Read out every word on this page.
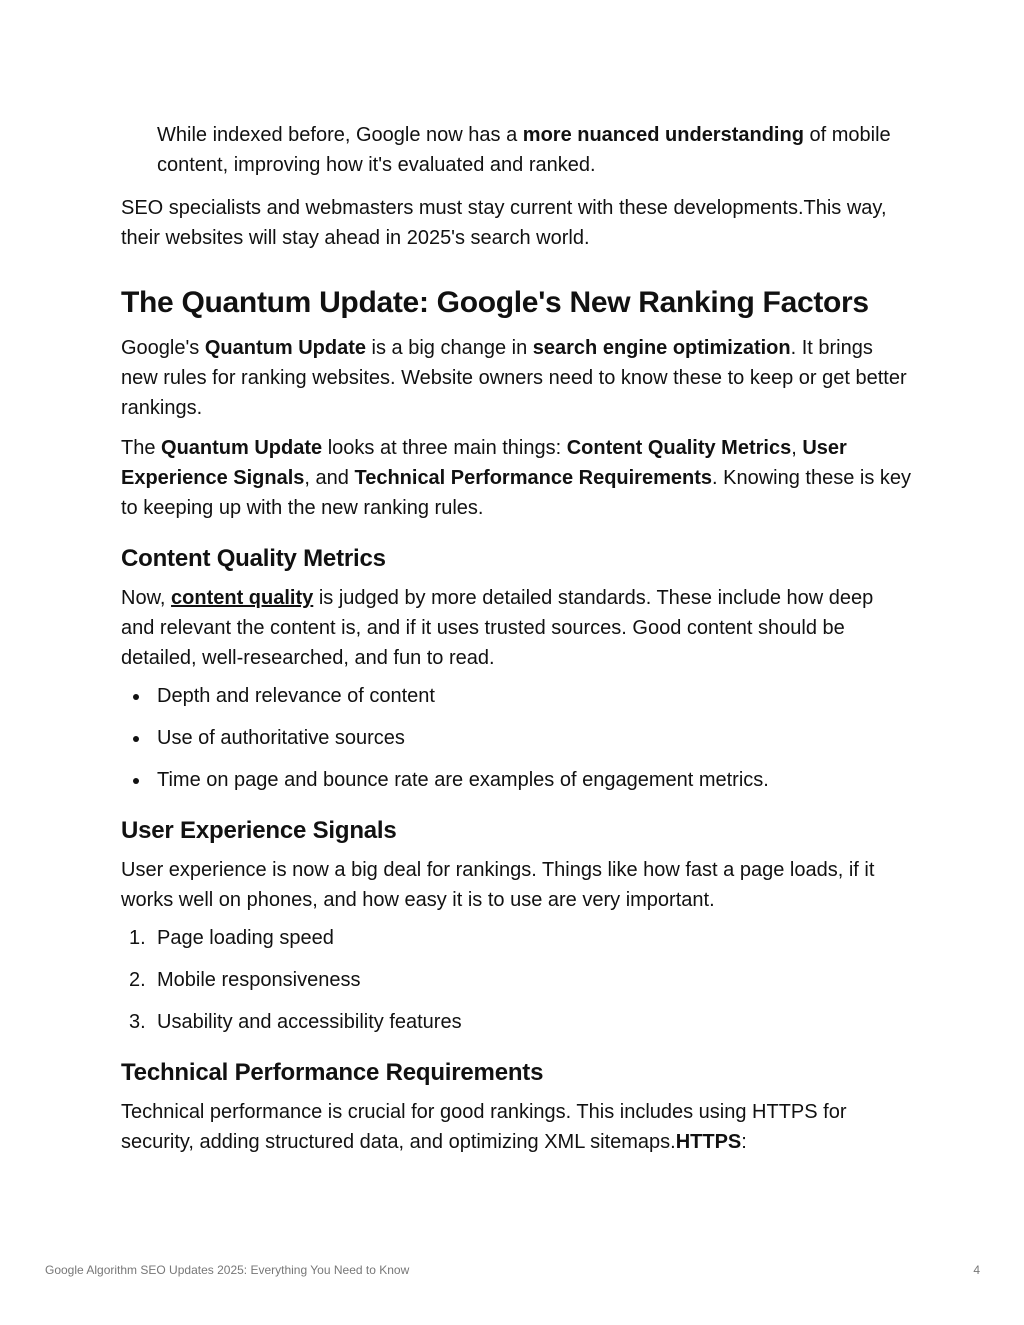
While indexed before, Google now has a more nuanced understanding of mobile content, improving how it's evaluated and ranked.

SEO specialists and webmasters must stay current with these developments.This way, their websites will stay ahead in 2025's search world.

The Quantum Update: Google's New Ranking Factors

Google's Quantum Update is a big change in search engine optimization. It brings new rules for ranking websites. Website owners need to know these to keep or get better rankings.

The Quantum Update looks at three main things: Content Quality Metrics, User Experience Signals, and Technical Performance Requirements. Knowing these is key to keeping up with the new ranking rules.

Content Quality Metrics

Now, content quality is judged by more detailed standards. These include how deep and relevant the content is, and if it uses trusted sources. Good content should be detailed, well-researched, and fun to read.

Depth and relevance of content
Use of authoritative sources
Time on page and bounce rate are examples of engagement metrics.
User Experience Signals

User experience is now a big deal for rankings. Things like how fast a page loads, if it works well on phones, and how easy it is to use are very important.

1. Page loading speed
2. Mobile responsiveness
3. Usability and accessibility features
Technical Performance Requirements

Technical performance is crucial for good rankings. This includes using HTTPS for security, adding structured data, and optimizing XML sitemaps.HTTPS:

Google Algorithm SEO Updates 2025: Everything You Need to Know	4
